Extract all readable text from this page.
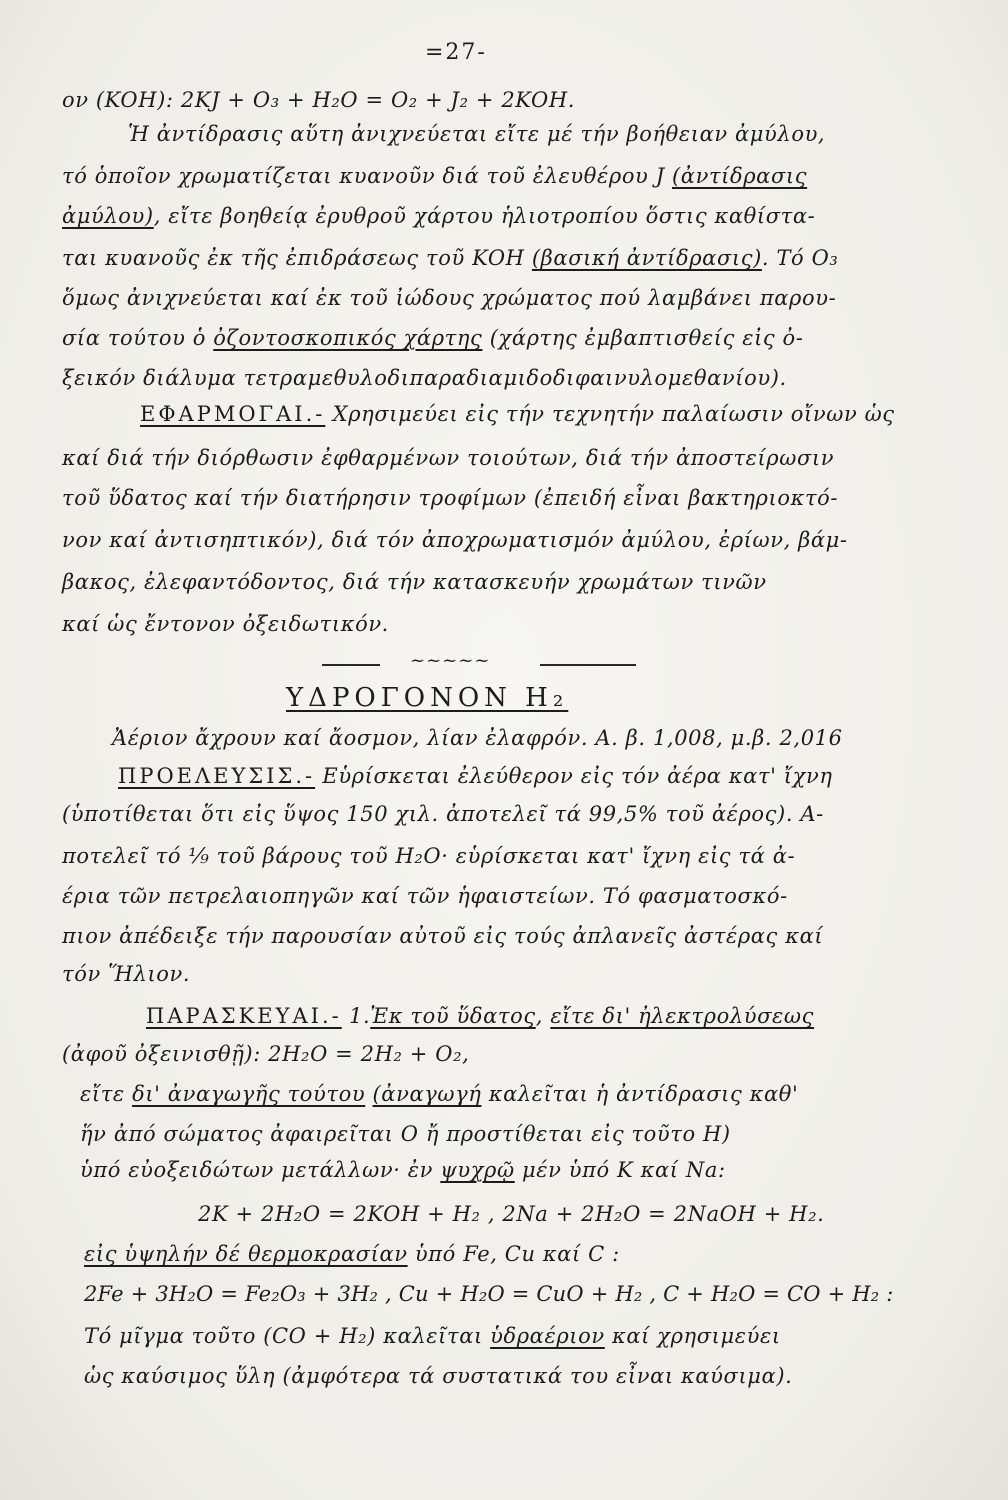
=27-
ον (KOH): 2KJ + O₃ + H₂O = O₂ + J₂ + 2KOH.
Ἡ ἀντίδρασις αὕτη ἀνιχνεύεται εἴτε μέ τήν βοήθειαν ἀμύλου,
τό ὁποῖον χρωματίζεται κυανοῦν διά τοῦ ἐλευθέρου J (ἀντίδρασις
ἀμύλου), εἴτε βοηθείᾳ ἐρυθροῦ χάρτου ἡλιοτροπίου ὅστις καθίστα-
ται κυανοῦς ἐκ τῆς ἐπιδράσεως τοῦ KOH (βασική ἀντίδρασις). Τό O₃
ὅμως ἀνιχνεύεται καί ἐκ τοῦ ἰώδους χρώματος πού λαμβάνει παρου-
σία τούτου ὁ ὀζοντοσκοπικός χάρτης (χάρτης ἐμβαπτισθείς εἰς ὀ-
ξεικόν διάλυμα τετραμεθυλοδιπαραδιαμιδοδιφαινυλομεθανίου).
ΕΦΑΡΜΟΓΑΙ.- Χρησιμεύει εἰς τήν τεχνητήν παλαίωσιν οἴνων ὡς
καί διά τήν διόρθωσιν ἐφθαρμένων τοιούτων, διά τήν ἀποστείρωσιν
τοῦ ὕδατος καί τήν διατήρησιν τροφίμων (ἐπειδή εἶναι βακτηριοκτό-
νον καί ἀντισηπτικόν), διά τόν ἀποχρωματισμόν ἀμύλου, ἐρίων, βάμ-
βακος, ἐλεφαντόδοντος, διά τήν κατασκευήν χρωμάτων τινῶν
καί ὡς ἔντονον ὀξειδωτικόν.
~~~~~
ΥΔΡΟΓΟΝΟΝ H₂
Ἀέριον ἄχρουν καί ἄοσμον, λίαν ἐλαφρόν. Α. β. 1,008, μ.β. 2,016
ΠΡΟΕΛΕΥΣΙΣ.- Εὑρίσκεται ἐλεύθερον εἰς τόν ἀέρα κατ' ἴχνη
(ὑποτίθεται ὅτι εἰς ὕψος 150 χιλ. ἀποτελεῖ τά 99,5% τοῦ ἀέρος). Α-
ποτελεῖ τό ⅑ τοῦ βάρους τοῦ H₂O· εὑρίσκεται κατ' ἴχνη εἰς τά ἀ-
έρια τῶν πετρελαιοπηγῶν καί τῶν ἡφαιστείων. Τό φασματοσκό-
πιον ἀπέδειξε τήν παρουσίαν αὐτοῦ εἰς τούς ἀπλανεῖς ἀστέρας καί
τόν Ἥλιον.
ΠΑΡΑΣΚΕΥΑΙ.- 1.Ἐκ τοῦ ὕδατος, εἴτε δι' ἠλεκτρολύσεως
(ἀφοῦ ὀξεινισθῇ): 2H₂O = 2H₂ + O₂,
εἴτε δι' ἀναγωγῆς τούτου (ἀναγωγή καλεῖται ἡ ἀντίδρασις καθ'
ἥν ἀπό σώματος ἀφαιρεῖται O ἤ προστίθεται εἰς τοῦτο H)
ὑπό εὐοξειδώτων μετάλλων· ἐν ψυχρῷ μέν ὑπό K καί Na:
2K + 2H₂O = 2KOH + H₂ , 2Na + 2H₂O = 2NaOH + H₂.
εἰς ὑψηλήν δέ θερμοκρασίαν ὑπό Fe, Cu καί C :
2Fe + 3H₂O = Fe₂O₃ + 3H₂ , Cu + H₂O = CuO + H₂ , C + H₂O = CO + H₂ :
Τό μῖγμα τοῦτο (CO + H₂) καλεῖται ὑδραέριον καί χρησιμεύει
ὡς καύσιμος ὕλη (ἀμφότερα τά συστατικά του εἶναι καύσιμα).
